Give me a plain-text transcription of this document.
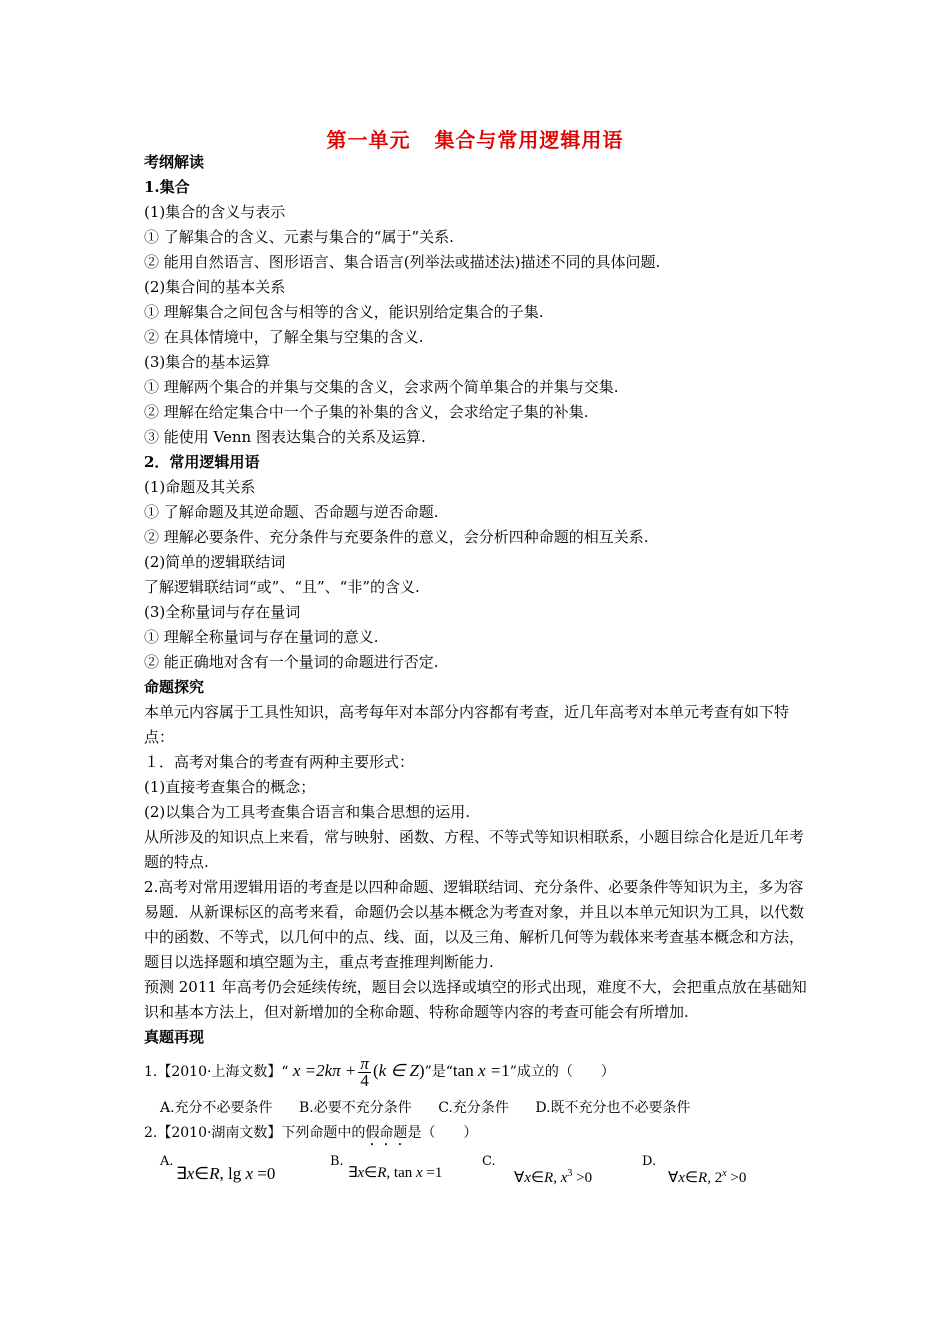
第一单元 集合与常用逻辑用语
考纲解读
1.集合
(1)集合的含义与表示
① 了解集合的含义、元素与集合的“属于”关系.
② 能用自然语言、图形语言、集合语言(列举法或描述法)描述不同的具体问题.
(2)集合间的基本关系
① 理解集合之间包含与相等的含义，能识别给定集合的子集.
② 在具体情境中，了解全集与空集的含义.
(3)集合的基本运算
① 理解两个集合的并集与交集的含义，会求两个简单集合的并集与交集.
② 理解在给定集合中一个子集的补集的含义，会求给定子集的补集.
③ 能使用 Venn 图表达集合的关系及运算.
2．常用逻辑用语
(1)命题及其关系
① 了解命题及其逆命题、否命题与逆否命题.
② 理解必要条件、充分条件与充要条件的意义，会分析四种命题的相互关系.
(2)简单的逻辑联结词
了解逻辑联结词“或”、“且”、“非”的含义.
(3)全称量词与存在量词
① 理解全称量词与存在量词的意义.
② 能正确地对含有一个量词的命题进行否定.
命题探究
本单元内容属于工具性知识，高考每年对本部分内容都有考查，近几年高考对本单元考查有如下特点：
１．高考对集合的考查有两种主要形式：
(1)直接考查集合的概念；
(2)以集合为工具考查集合语言和集合思想的运用.
从所涉及的知识点上来看，常与映射、函数、方程、不等式等知识相联系，小题目综合化是近几年考题的特点.
2.高考对常用逻辑用语的考查是以四种命题、逻辑联结词、充分条件、必要条件等知识为主，多为容易题．从新课标区的高考来看，命题仍会以基本概念为考查对象，并且以本单元知识为工具，以代数中的函数、不等式，以几何中的点、线、面，以及三角、解析几何等为载体来考查基本概念和方法，题目以选择题和填空题为主，重点考查推理判断能力.
预测 2011 年高考仍会延续传统，题目会以选择或填空的形式出现，难度不大，会把重点放在基础知识和基本方法上，但对新增加的全称命题、特称命题等内容的考查可能会有所增加.
真题再现
1.【2010·上海文数】“ $x =2k\pi + \frac{\pi}{4} (k$ ∈ Z)”是“tan x =1”成立的（　　）
A.充分不必要条件 B.必要不充分条件 C.充分条件 D.既不充分也不必要条件
2.【2010·湖南文数】下列命题中的假命题是（　　）
A.
∃x∈R, lg x =0
B.
∃x∈R, tan x =1
C.
∀x∈R, $x^3 >0$
D.
∀x∈R, $2^x >0$
